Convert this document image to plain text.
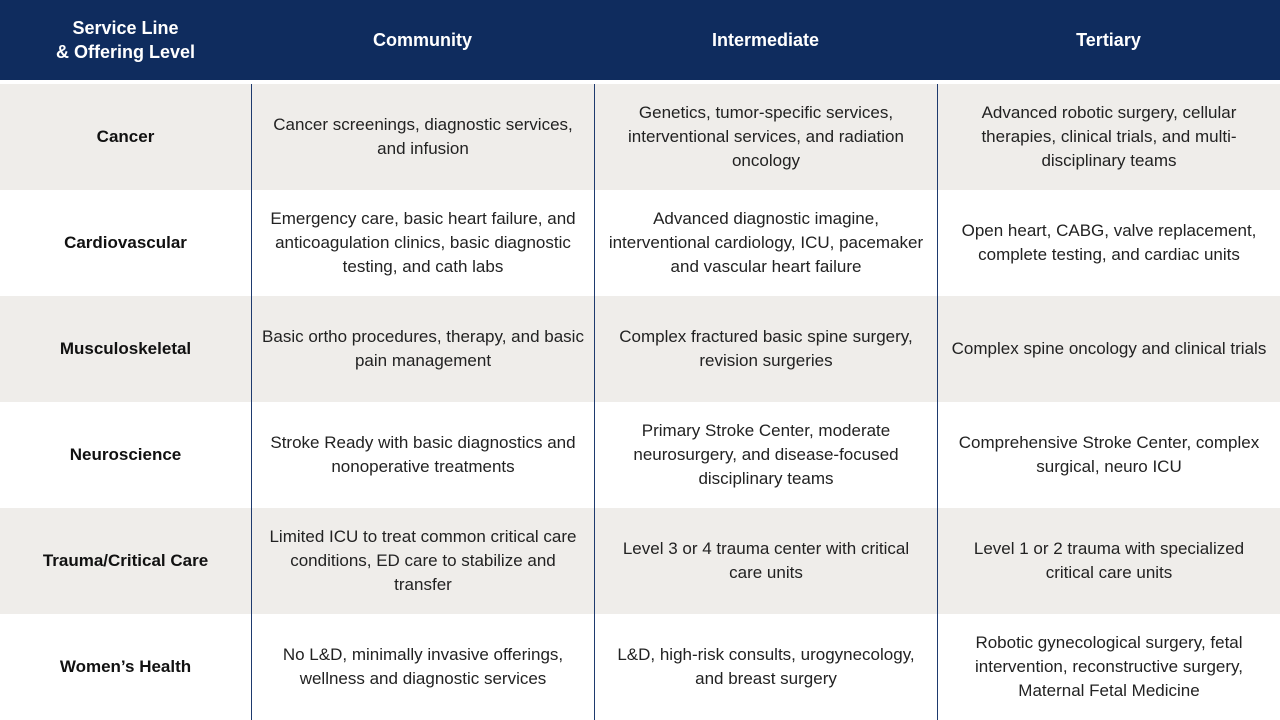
Service Line
& Offering Level
Community	Intermediate	Tertiary
Cancer
Cancer screenings, diagnostic services, and infusion
Genetics, tumor-specific services, interventional services, and radiation oncology
Advanced robotic surgery, cellular therapies, clinical trials, and multi-disciplinary teams
Cardiovascular
Emergency care, basic heart failure, and anticoagulation clinics, basic diagnostic testing, and cath labs
Advanced diagnostic imagine, interventional cardiology, ICU, pacemaker and vascular heart failure
Open heart, CABG, valve replacement, complete testing, and cardiac units
Musculoskeletal
Basic ortho procedures, therapy, and basic pain management
Complex fractured basic spine surgery, revision surgeries
Complex spine oncology and clinical trials
Neuroscience
Stroke Ready with basic diagnostics and nonoperative treatments
Primary Stroke Center, moderate neurosurgery, and disease-focused disciplinary teams
Comprehensive Stroke Center, complex surgical, neuro ICU
Trauma/Critical Care
Limited ICU to treat common critical care conditions, ED care to stabilize and transfer
Level 3 or 4 trauma center with critical care units
Level 1 or 2 trauma with specialized critical care units
Women’s Health
No L&D, minimally invasive offerings, wellness and diagnostic services
L&D, high-risk consults, urogynecology, and breast surgery
Robotic gynecological surgery, fetal intervention, reconstructive surgery, Maternal Fetal Medicine
